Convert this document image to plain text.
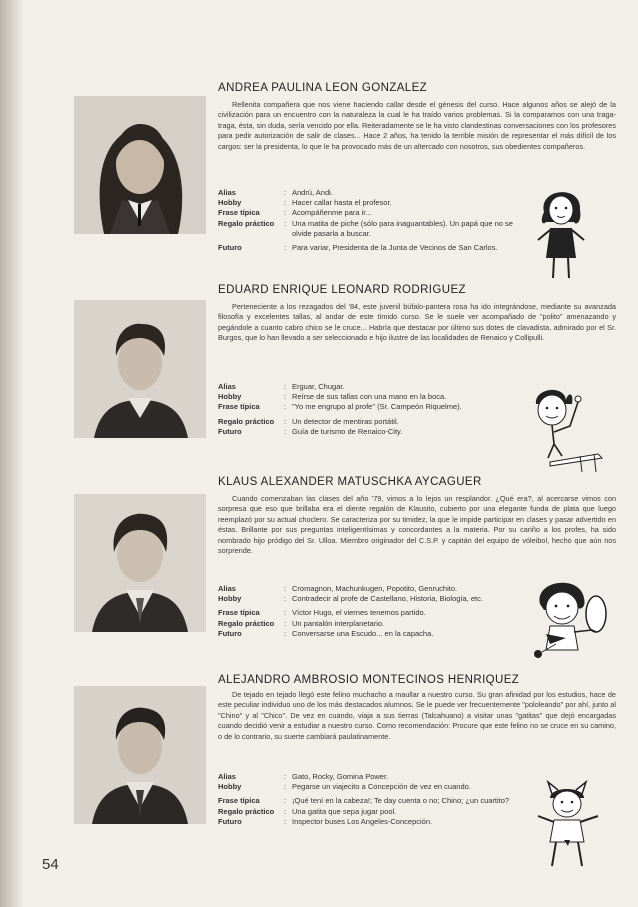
ANDREA PAULINA LEON GONZALEZ

Rellenita compañera que nos viene haciendo callar desde el génesis del curso. Hace algunos años se alejó de la civilización para un encuentro con la naturaleza la cual le ha traído varios problemas. Si la comparamos con una traga-traga, ésta, sin duda, sería vencido por ella. Reiteradamente se le ha visto clandestinas conversaciones con los profesores para pedir autorización de salir de clases... Hace 2 años, ha tenido la terrible misión de representar el más difícil de los cargos: ser la presidenta, lo que le ha provocado más de un altercado con nosotros, sus obedientes compañeros.

Alias	: Andrú, Andi.
Hobby	: Hacer callar hasta el profesor.
Frase típica	: Acompáñenme para ir...
Regalo práctico	: Una matita de piche (sólo para inaguantables). Un papá que no se olvide pasarla a buscar.
Futuro	: Para variar, Presidenta de la Junta de Vecinos de San Carlos.
EDUARD ENRIQUE LEONARD RODRIGUEZ

Perteneciente a los rezagados del '84, este juvenil búfalo-pantera rosa ha ido integrándose, mediante su avanzada filosofía y excelentes tallas, al andar de este tímido curso. Se le suele ver acompañado de "polito" amenazando y pegándole a cuanto cabro chico se le cruce... Habría que destacar por último sus dotes de clavadista, admirado por el Sr. Burgos, que lo han llevado a ser seleccionado e hijo ilustre de las localidades de Renaico y Collipulli.

Alias	: Erguar, Chugar.
Hobby	: Reírse de sus tallas con una mano en la boca.
Frase típica	: "Yo me engrupo al profe" (Sr. Campeón Riquelme).
Regalo práctico	: Un detector de mentiras portátil.
Futuro	: Guía de turismo de Renaico-City.
KLAUS ALEXANDER MATUSCHKA AYCAGUER

Cuando comenzaban las clases del año '79, vimos a lo lejos un resplandor. ¿Qué era?, al acercarse vimos con sorpresa que eso que brillaba era el diente regalón de Klausito, cubierto por una elegante funda de plata que luego reemplazó por su actual choclero. Se caracteriza por su timidez, la que le impide participar en clases y pasar advertido en éstas. Brillante por sus preguntas inteligentísimas y concordantes a la materia. Por su cariño a los profes, ha sido nombrado hijo pródigo del Sr. Ulloa. Miembro originador del C.S.P. y capitán del equipo de vóleibol, hecho que aún nos sorprende.

Alias	: Cromagnon, Machunkugen, Popotito, Genruchito.
Hobby	: Contradecir al profe de Castellano, Historia, Biología, etc.
Frase típica	: Víctor Hugo, el viernes tenemos partido.
Regalo práctico	: Un pantalón interplanetario.
Futuro	: Conversarse una Escudo... en la capacha.
ALEJANDRO AMBROSIO MONTECINOS HENRIQUEZ

De tejado en tejado llegó este felino muchacho a maullar a nuestro curso. Su gran afinidad por los estudios, hace de este peculiar individuo uno de los más destacados alumnos. Se le puede ver frecuentemente "pololeando" por ahí, junto al "Chino" y al "Chico". De vez en cuando, viaja a sus tierras (Talcahuano) a visitar unas "gatitas" que dejó encargadas cuando decidió venir a estudiar a nuestro curso. Como recomendación: Procure que este felino no se cruce en su camino, o de lo contrario, su suerte cambiará paulatinamente.

Alias	: Gato, Rocky, Gomina Power.
Hobby	: Pegarse un viajecito a Concepción de vez en cuando.
Frase típica	: ¡Qué tení en la cabeza!; Te day cuenta o no; Chino; ¿un cuartito?
Regalo práctico	: Una gatita que sepa jugar pool.
Futuro	: Inspector buses Los Angeles-Concepción.
54
